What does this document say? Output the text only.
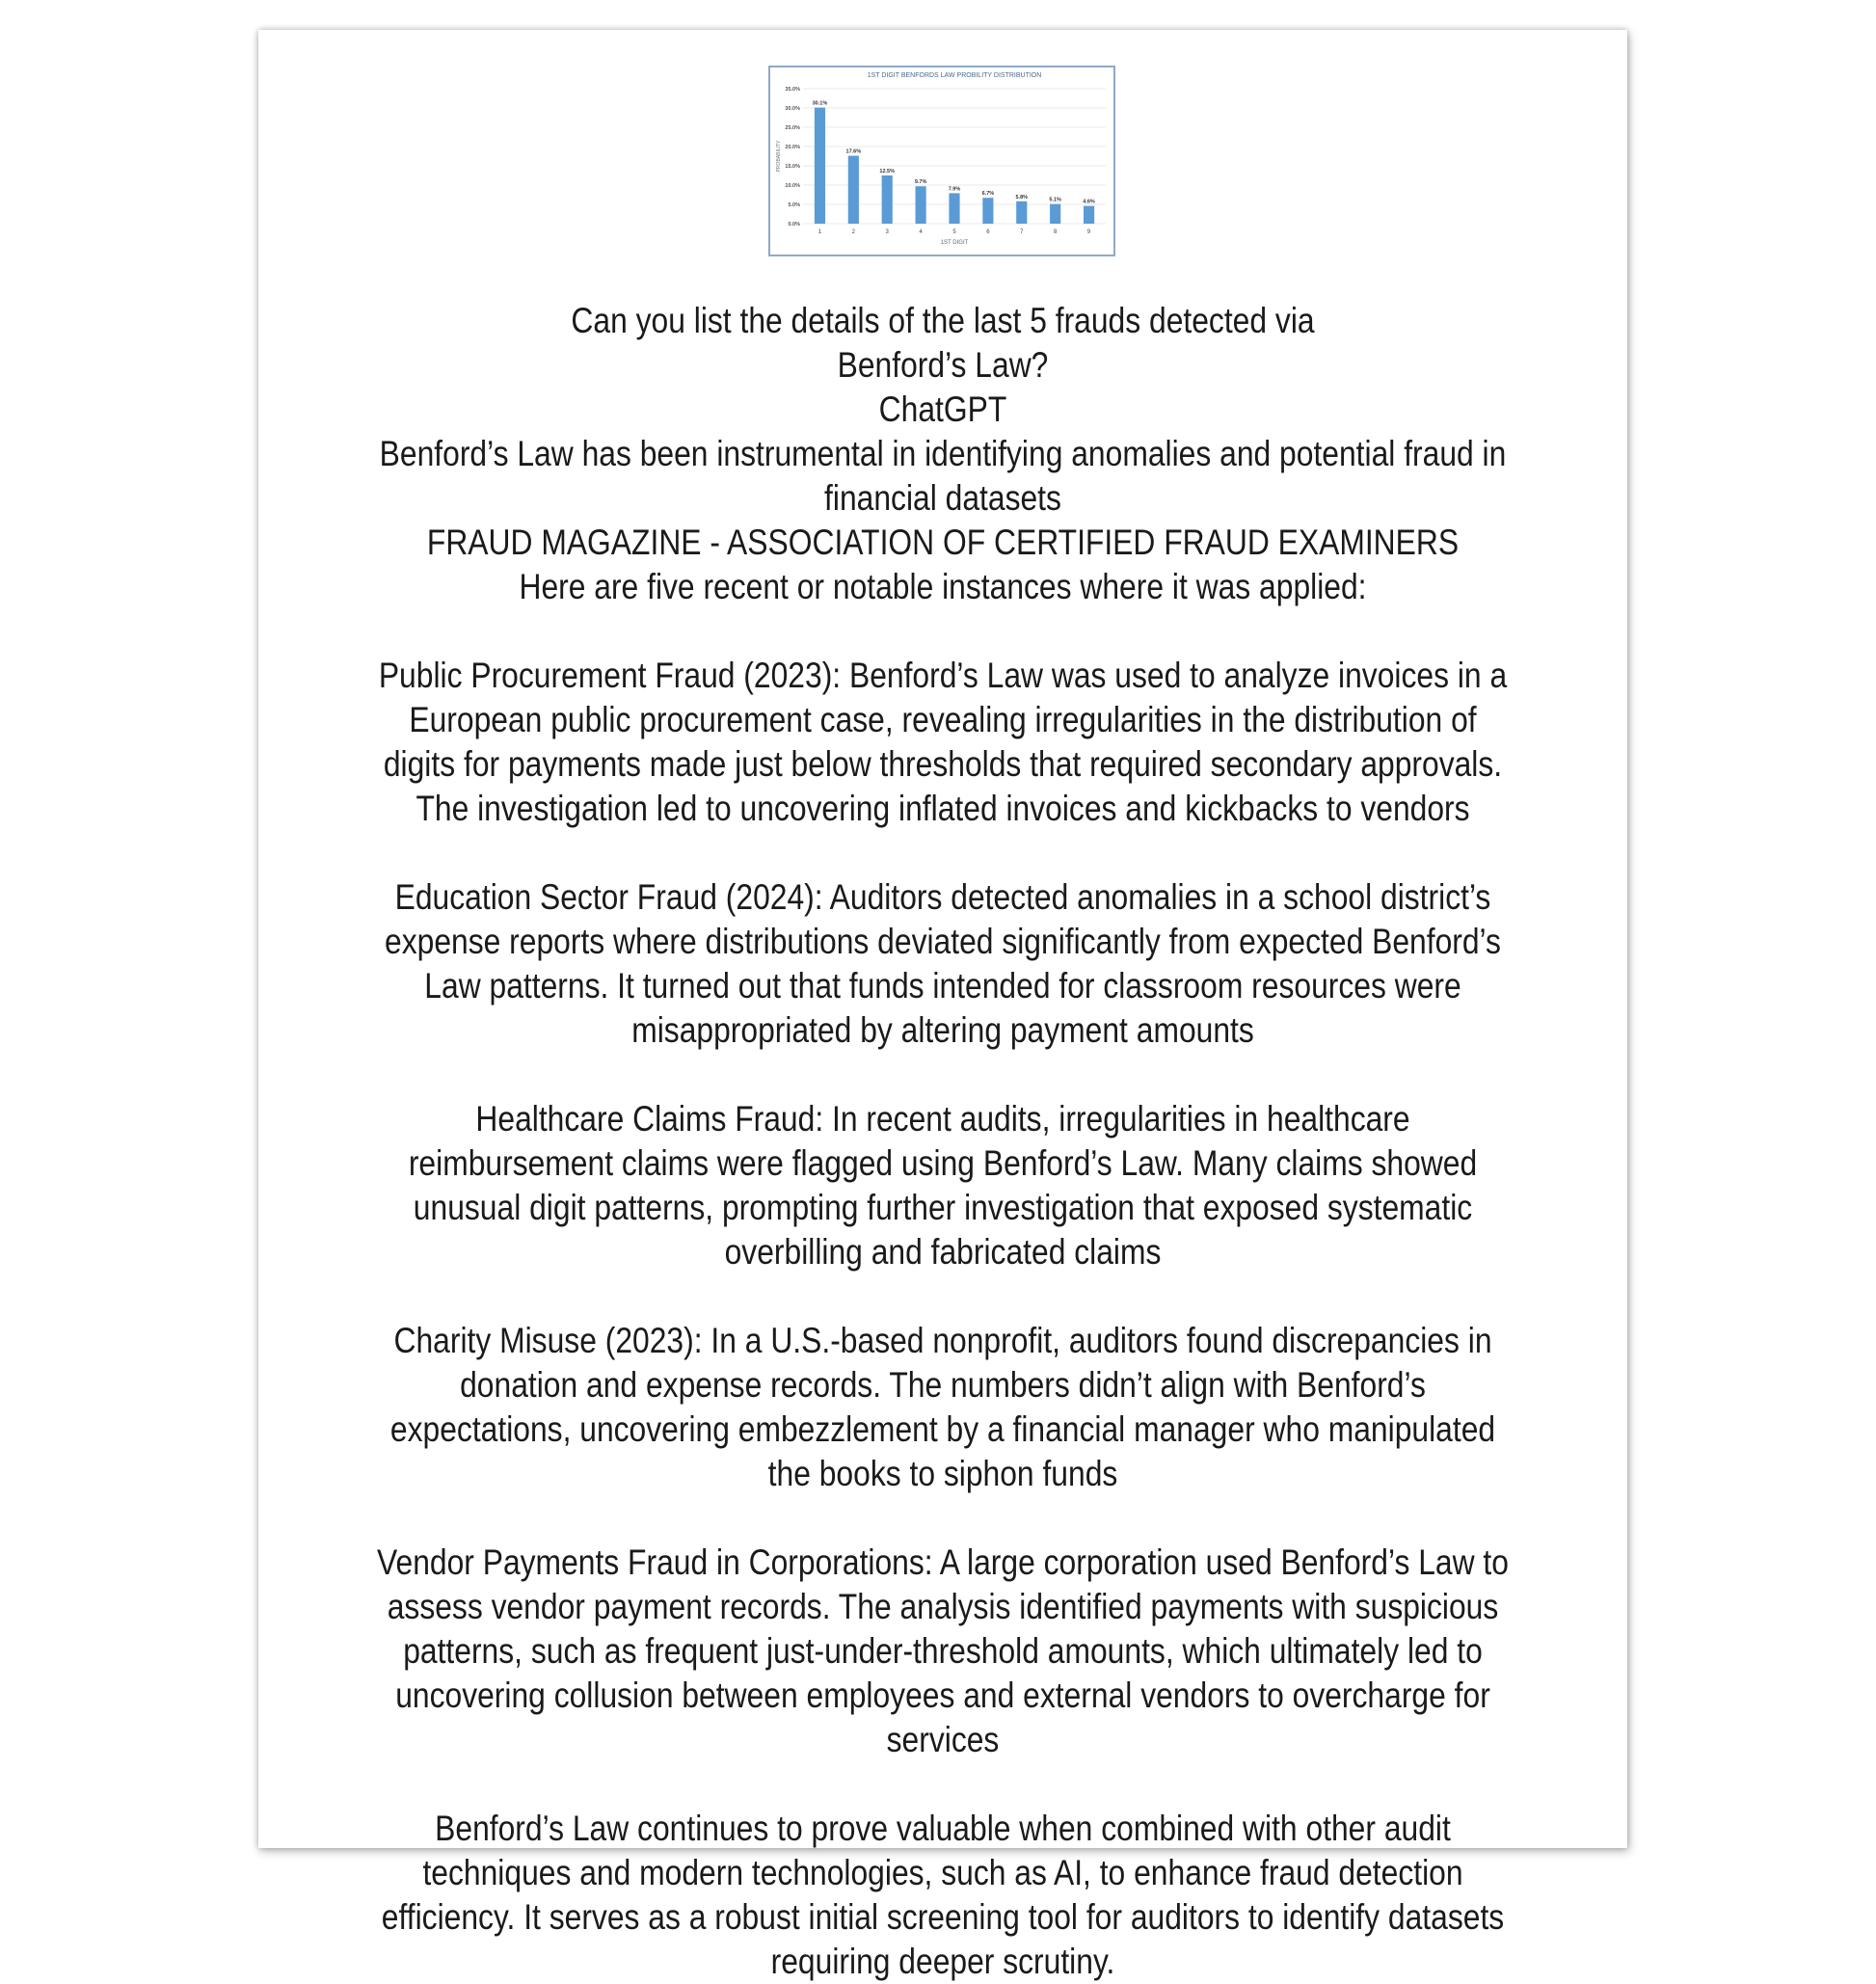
1ST DIGIT BENFORDS LAW PROBILITY DISTRIBUTION
0.0%
5.0%
10.0%
15.0%
20.0%
25.0%
30.0%
35.0%
PROBABILITY
30.1%
1
17.6%
2
12.5%
3
9.7%
4
7.9%
5
6.7%
6
5.8%
7
5.1%
8
4.6%
9
1ST DIGIT

Can you list the details of the last 5 frauds detected via

Benford’s Law?

ChatGPT

Benford’s Law has been instrumental in identifying anomalies and potential fraud in financial datasets

FRAUD MAGAZINE - ASSOCIATION OF CERTIFIED FRAUD EXAMINERS

Here are five recent or notable instances where it was applied:

Public Procurement Fraud (2023): Benford’s Law was used to analyze invoices in a European public procurement case, revealing irregularities in the distribution of digits for payments made just below thresholds that required secondary approvals. The investigation led to uncovering inflated invoices and kickbacks to vendors

Education Sector Fraud (2024): Auditors detected anomalies in a school district’s expense reports where distributions deviated significantly from expected Benford’s Law patterns. It turned out that funds intended for classroom resources were misappropriated by altering payment amounts

Healthcare Claims Fraud: In recent audits, irregularities in healthcare reimbursement claims were flagged using Benford’s Law. Many claims showed unusual digit patterns, prompting further investigation that exposed systematic overbilling and fabricated claims

Charity Misuse (2023): In a U.S.-based nonprofit, auditors found discrepancies in donation and expense records. The numbers didn’t align with Benford’s expectations, uncovering embezzlement by a financial manager who manipulated the books to siphon funds

Vendor Payments Fraud in Corporations: A large corporation used Benford’s Law to assess vendor payment records. The analysis identified payments with suspicious patterns, such as frequent just-under-threshold amounts, which ultimately led to uncovering collusion between employees and external vendors to overcharge for services

Benford’s Law continues to prove valuable when combined with other audit techniques and modern technologies, such as AI, to enhance fraud detection efficiency. It serves as a robust initial screening tool for auditors to identify datasets requiring deeper scrutiny.
